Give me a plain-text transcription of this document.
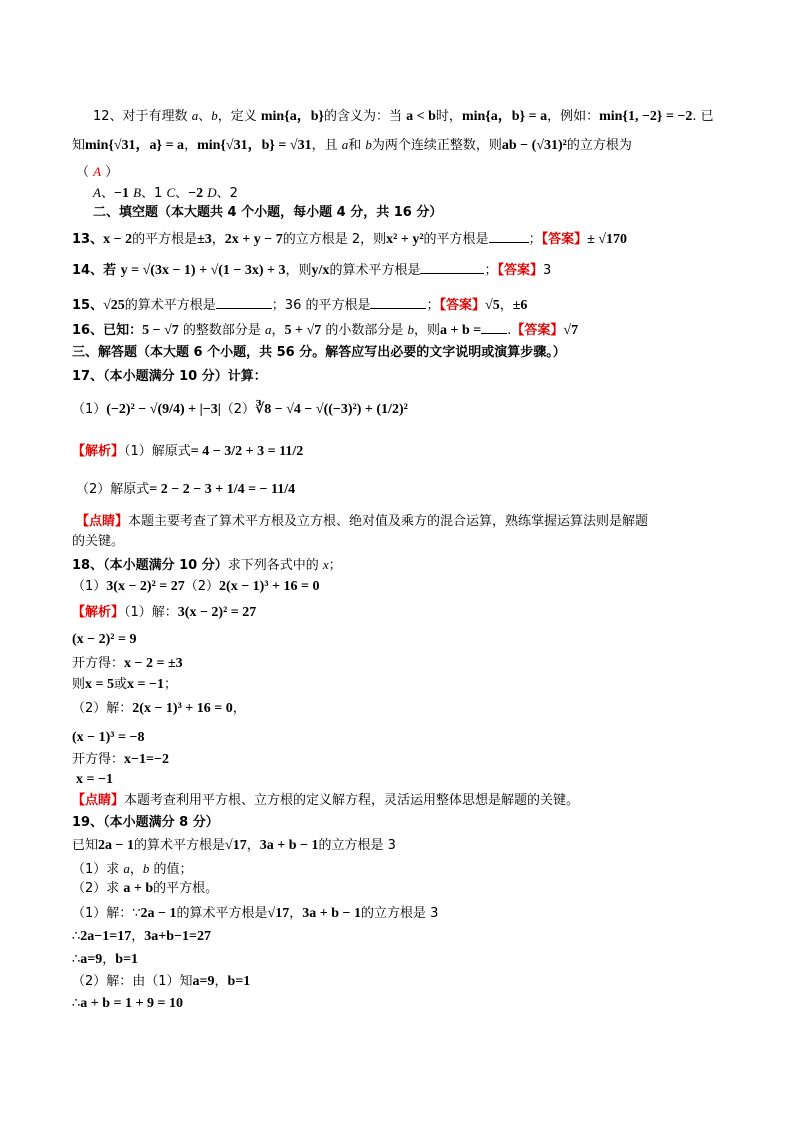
12、对于有理数 a、b，定义 min{a，b}的含义为：当 a < b时，min{a，b} = a，例如：min{1, −2} = −2. 已
知min{√31，a} = a，min{√31，b} = √31，且 a和 b为两个连续正整数，则ab − (√31)²的立方根为
（ A ）
A、−1 B、1 C、−2 D、2
二、填空题（本大题共 4 个小题，每小题 4 分，共 16 分）
13、x − 2的平方根是±3，2x + y − 7的立方根是 2，则x² + y²的平方根是	；【答案】± √170
14、若 y = √(3x − 1) + √(1 − 3x) + 3，则y/x的算术平方根是	；【答案】3
15、√25的算术平方根是	；36 的平方根是	；【答案】√5，±6
16、已知：5 − √7 的整数部分是 a，5 + √7 的小数部分是 b，则a + b = .【答案】√7
三、解答题（本大题 6 个小题，共 56 分。解答应写出必要的文字说明或演算步骤。）
17、（本小题满分 10 分）计算：
（1）(−2)² − √(9/4) + |−3|（2）∛8 − √4 − √((−3)²) + (1/2)²
【解析】（1）解原式= 4 − 3/2 + 3 = 11/2
（2）解原式= 2 − 2 − 3 + 1/4 = − 11/4
【点睛】本题主要考查了算术平方根及立方根、绝对值及乘方的混合运算，熟练掌握运算法则是解题
的关键。
18、（本小题满分 10 分）求下列各式中的 x；
（1）3(x − 2)² = 27（2）2(x − 1)³ + 16 = 0
【解析】（1）解：3(x − 2)² = 27
(x − 2)² = 9
开方得：x − 2 = ±3
则x = 5或x = −1；
（2）解：2(x − 1)³ + 16 = 0，
(x − 1)³ = −8
开方得：x−1=−2
x = −1
【点睛】本题考查利用平方根、立方根的定义解方程，灵活运用整体思想是解题的关键。
19、（本小题满分 8 分）
已知2a − 1的算术平方根是√17，3a + b − 1的立方根是 3
（1）求 a，b 的值；
（2）求 a + b的平方根。
（1）解：∵2a − 1的算术平方根是√17，3a + b − 1的立方根是 3
∴2a−1=17，3a+b−1=27
∴a=9，b=1
（2）解：由（1）知a=9，b=1
∴a + b = 1 + 9 = 10
